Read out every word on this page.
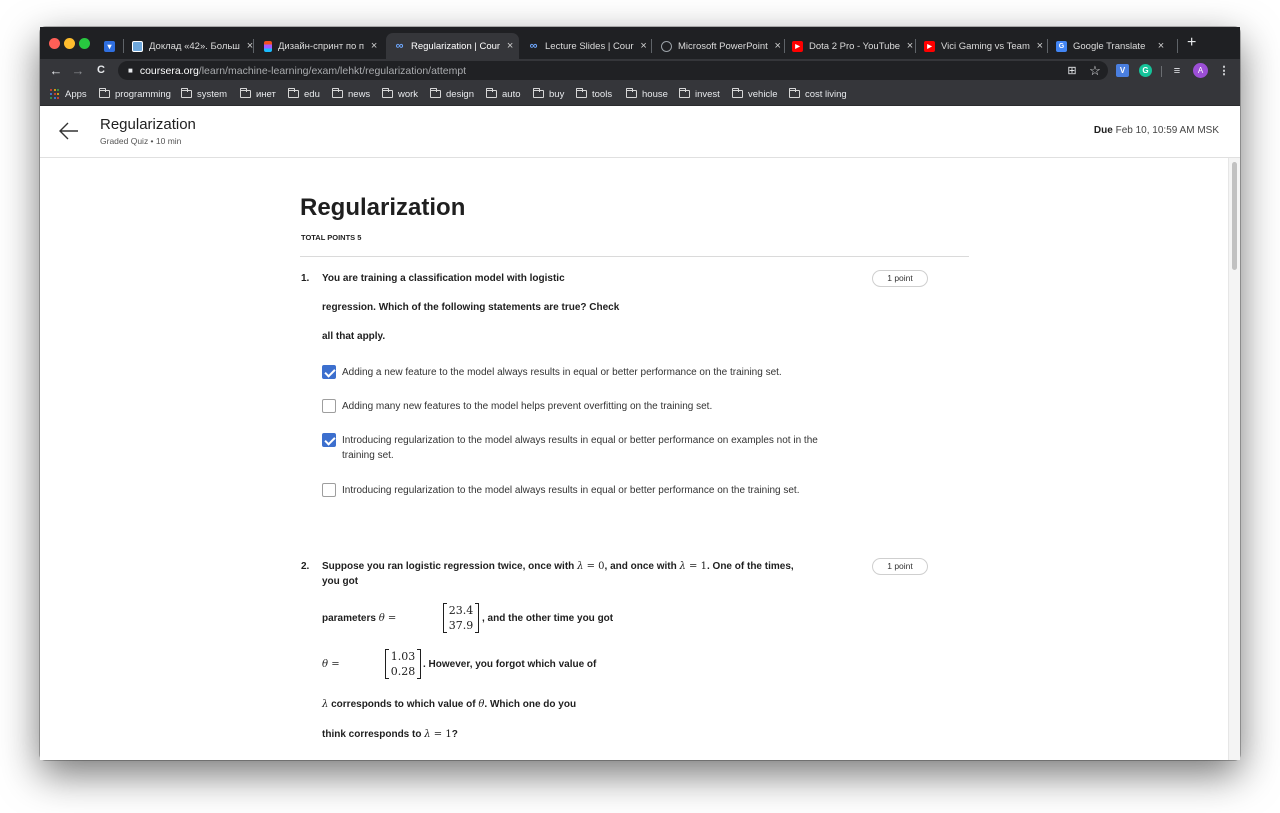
▾	Доклад «42». Больш ×	Дизайн-спринт по п × ∞ Regularization | Cour × ∞ Lecture Slides | Cour ×	Microsoft PowerPoint ×	▶ Dota 2 Pro - YouTube ×	▶ Vici Gaming vs Team ×	G Google Translate	× +
← →	C	■ coursera.org /learn/machine-learning/exam/lehkt/regularization/attempt	⊞ ☆	V	G	≡	A	⋮
Apps	programming	system	инет	edu	news	work	design	auto	buy	tools	house	invest	vehicle	cost living
Regularization
Graded Quiz • 10 min
Due Feb 10, 10:59 AM MSK
Regularization
TOTAL POINTS 5
1. You are training a classification model with logistic
regression. Which of the following statements are true? Check
all that apply.
1 point
Adding a new feature to the model always results in equal or better performance on the training set.
Adding many new features to the model helps prevent overfitting on the training set.
Introducing regularization to the model always results in equal or better performance on examples not in the training set.
Introducing regularization to the model always results in equal or better performance on the training set.
2. Suppose you ran logistic regression twice, once with λ = 0, and once with λ = 1. One of the times,
you got
1 point
parameters θ =
23.4
37.9
, and the other time you got
θ =
1.03
0.28
. However, you forgot which value of
λ corresponds to which value of θ. Which one do you
think corresponds to λ = 1?
